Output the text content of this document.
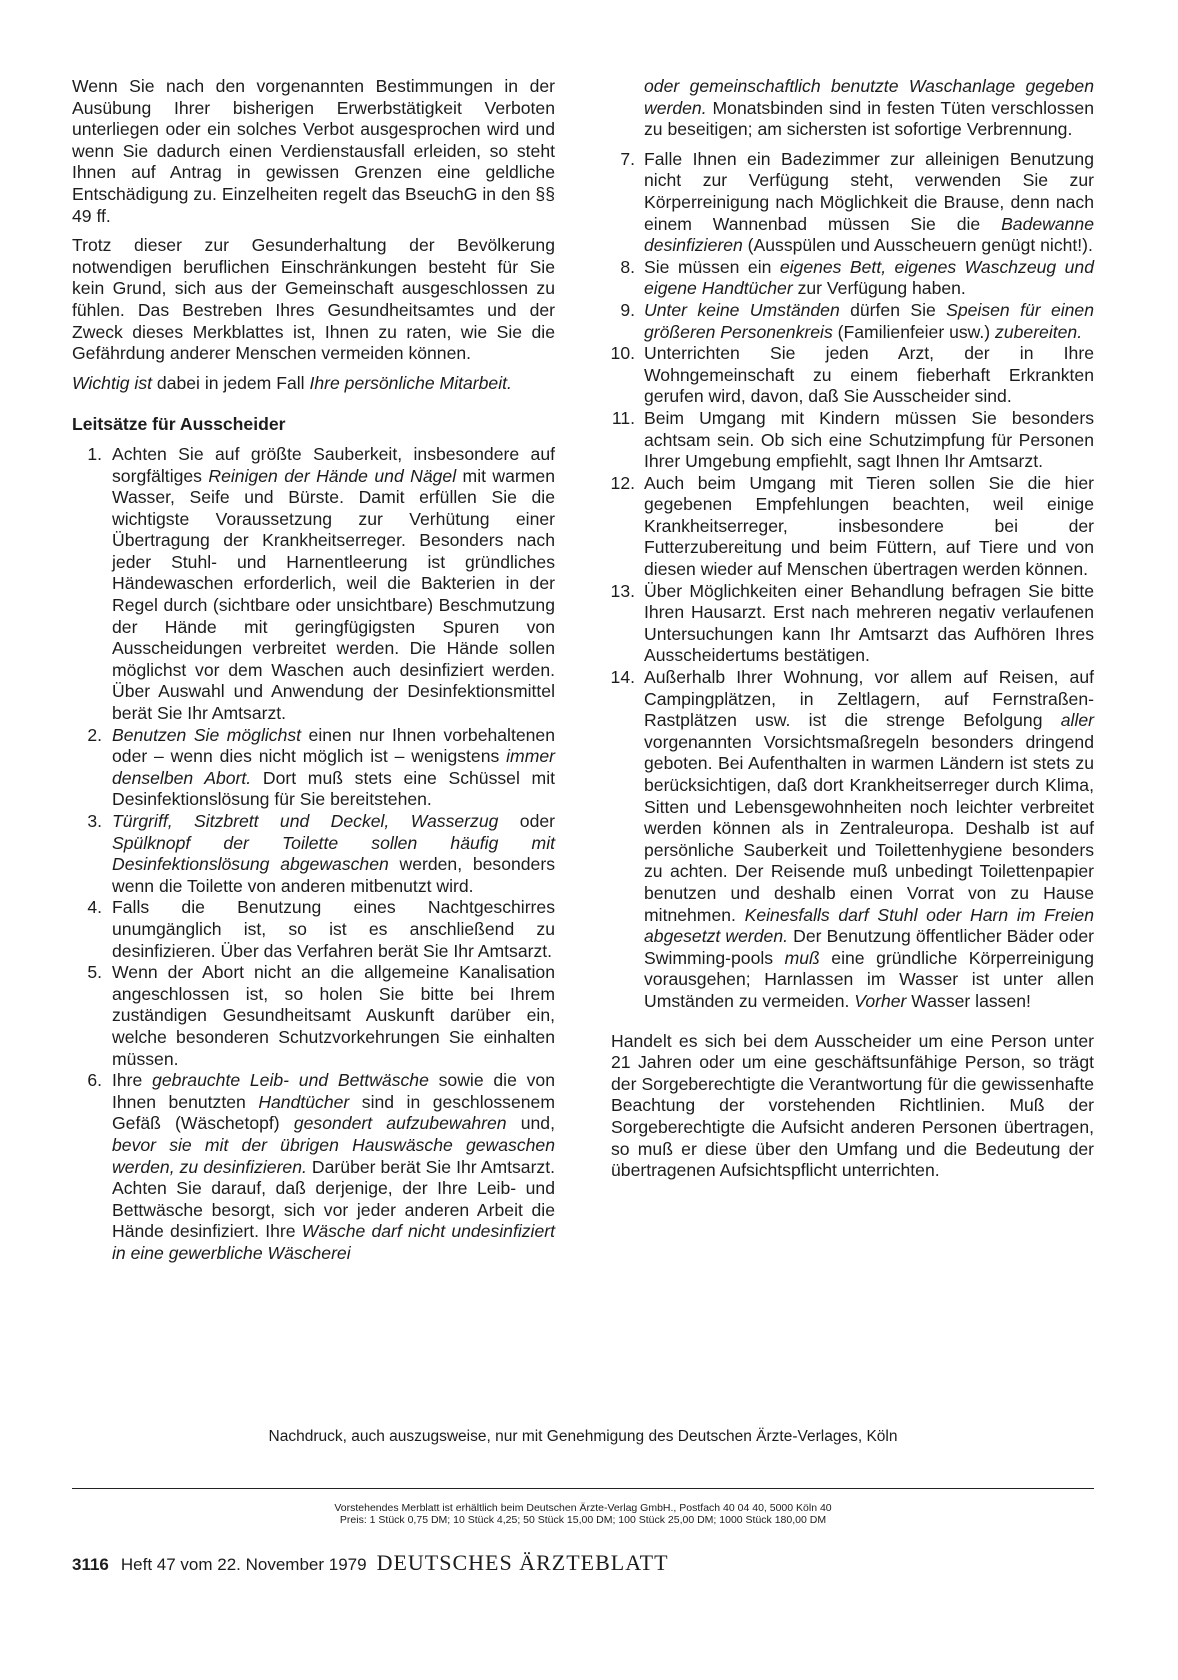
Wenn Sie nach den vorgenannten Bestimmungen in der Ausübung Ihrer bisherigen Erwerbstätigkeit Verboten unterliegen oder ein solches Verbot ausgesprochen wird und wenn Sie dadurch einen Verdienstausfall erleiden, so steht Ihnen auf Antrag in gewissen Grenzen eine geldliche Entschädigung zu. Einzelheiten regelt das BseuchG in den §§ 49 ff.

Trotz dieser zur Gesunderhaltung der Bevölkerung notwendigen beruflichen Einschränkungen besteht für Sie kein Grund, sich aus der Gemeinschaft ausgeschlossen zu fühlen. Das Bestreben Ihres Gesundheitsamtes und der Zweck dieses Merkblattes ist, Ihnen zu raten, wie Sie die Gefährdung anderer Menschen vermeiden können.

Wichtig ist dabei in jedem Fall Ihre persönliche Mitarbeit.

Leitsätze für Ausscheider
1. Achten Sie auf größte Sauberkeit, insbesondere auf sorgfältiges Reinigen der Hände und Nägel mit warmen Wasser, Seife und Bürste. Damit erfüllen Sie die wichtigste Voraussetzung zur Verhütung einer Übertragung der Krankheitserreger. Besonders nach jeder Stuhl- und Harnentleerung ist gründliches Händewaschen erforderlich, weil die Bakterien in der Regel durch (sichtbare oder unsichtbare) Beschmutzung der Hände mit geringfügigsten Spuren von Ausscheidungen verbreitet werden. Die Hände sollen möglichst vor dem Waschen auch desinfiziert werden. Über Auswahl und Anwendung der Desinfektionsmittel berät Sie Ihr Amtsarzt.
2. Benutzen Sie möglichst einen nur Ihnen vorbehaltenen oder – wenn dies nicht möglich ist – wenigstens immer denselben Abort. Dort muß stets eine Schüssel mit Desinfektionslösung für Sie bereitstehen.
3. Türgriff, Sitzbrett und Deckel, Wasserzug oder Spülknopf der Toilette sollen häufig mit Desinfektionslösung abgewaschen werden, besonders wenn die Toilette von anderen mitbenutzt wird.
4. Falls die Benutzung eines Nachtgeschirres unumgänglich ist, so ist es anschließend zu desinfizieren. Über das Verfahren berät Sie Ihr Amtsarzt.
5. Wenn der Abort nicht an die allgemeine Kanalisation angeschlossen ist, so holen Sie bitte bei Ihrem zuständigen Gesundheitsamt Auskunft darüber ein, welche besonderen Schutzvorkehrungen Sie einhalten müssen.
6. Ihre gebrauchte Leib- und Bettwäsche sowie die von Ihnen benutzten Handtücher sind in geschlossenem Gefäß (Wäschetopf) gesondert aufzubewahren und, bevor sie mit der übrigen Hauswäsche gewaschen werden, zu desinfizieren. Darüber berät Sie Ihr Amtsarzt. Achten Sie darauf, daß derjenige, der Ihre Leib- und Bettwäsche besorgt, sich vor jeder anderen Arbeit die Hände desinfiziert. Ihre Wäsche darf nicht undesinfiziert in eine gewerbliche Wäscherei

oder gemeinschaftlich benutzte Waschanlage gegeben werden. Monatsbinden sind in festen Tüten verschlossen zu beseitigen; am sichersten ist sofortige Verbrennung.

7. Falle Ihnen ein Badezimmer zur alleinigen Benutzung nicht zur Verfügung steht, verwenden Sie zur Körperreinigung nach Möglichkeit die Brause, denn nach einem Wannenbad müssen Sie die Badewanne desinfizieren (Ausspülen und Ausscheuern genügt nicht!).
8. Sie müssen ein eigenes Bett, eigenes Waschzeug und eigene Handtücher zur Verfügung haben.
9. Unter keine Umständen dürfen Sie Speisen für einen größeren Personenkreis (Familienfeier usw.) zubereiten.
10. Unterrichten Sie jeden Arzt, der in Ihre Wohngemeinschaft zu einem fieberhaft Erkrankten gerufen wird, davon, daß Sie Ausscheider sind.
11. Beim Umgang mit Kindern müssen Sie besonders achtsam sein. Ob sich eine Schutzimpfung für Personen Ihrer Umgebung empfiehlt, sagt Ihnen Ihr Amtsarzt.
12. Auch beim Umgang mit Tieren sollen Sie die hier gegebenen Empfehlungen beachten, weil einige Krankheitserreger, insbesondere bei der Futterzubereitung und beim Füttern, auf Tiere und von diesen wieder auf Menschen übertragen werden können.
13. Über Möglichkeiten einer Behandlung befragen Sie bitte Ihren Hausarzt. Erst nach mehreren negativ verlaufenen Untersuchungen kann Ihr Amtsarzt das Aufhören Ihres Ausscheidertums bestätigen.
14. Außerhalb Ihrer Wohnung, vor allem auf Reisen, auf Campingplätzen, in Zeltlagern, auf Fernstraßen-Rastplätzen usw. ist die strenge Befolgung aller vorgenannten Vorsichtsmaßregeln besonders dringend geboten. Bei Aufenthalten in warmen Ländern ist stets zu berücksichtigen, daß dort Krankheitserreger durch Klima, Sitten und Lebensgewohnheiten noch leichter verbreitet werden können als in Zentraleuropa. Deshalb ist auf persönliche Sauberkeit und Toilettenhygiene besonders zu achten. Der Reisende muß unbedingt Toilettenpapier benutzen und deshalb einen Vorrat von zu Hause mitnehmen. Keinesfalls darf Stuhl oder Harn im Freien abgesetzt werden. Der Benutzung öffentlicher Bäder oder Swimming-pools muß eine gründliche Körperreinigung vorausgehen; Harnlassen im Wasser ist unter allen Umständen zu vermeiden. Vorher Wasser lassen!

Handelt es sich bei dem Ausscheider um eine Person unter 21 Jahren oder um eine geschäftsunfähige Person, so trägt der Sorgeberechtigte die Verantwortung für die gewissenhafte Beachtung der vorstehenden Richtlinien. Muß der Sorgeberechtigte die Aufsicht anderen Personen übertragen, so muß er diese über den Umfang und die Bedeutung der übertragenen Aufsichtspflicht unterrichten.

Nachdruck, auch auszugsweise, nur mit Genehmigung des Deutschen Ärzte-Verlages, Köln
Vorstehendes Merblatt ist erhältlich beim Deutschen Ärzte-Verlag GmbH., Postfach 40 04 40, 5000 Köln 40
Preis: 1 Stück 0,75 DM; 10 Stück 4,25; 50 Stück 15,00 DM; 100 Stück 25,00 DM; 1000 Stück 180,00 DM
3116 Heft 47 vom 22. November 1979 DEUTSCHES ÄRZTEBLATT
